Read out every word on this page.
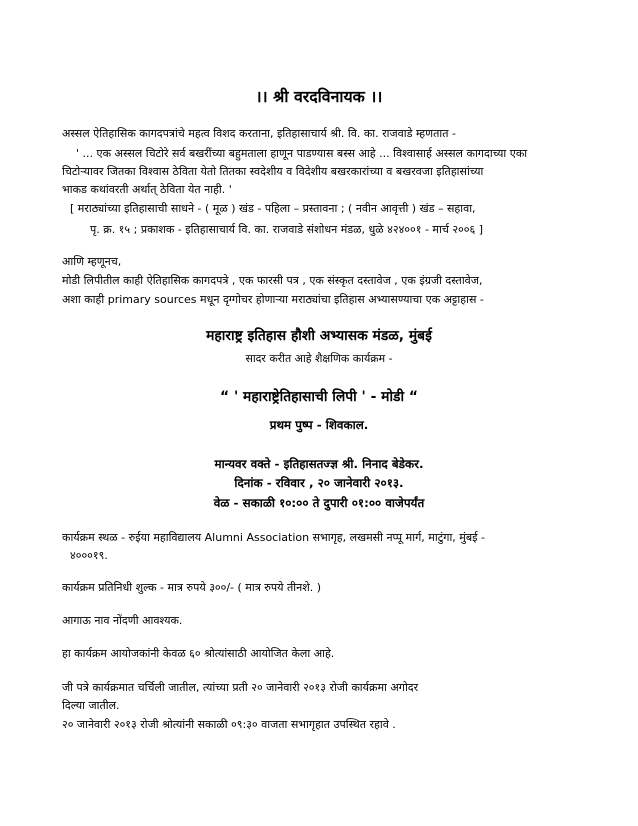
।। श्री वरदविनायक ।।
अस्सल ऐतिहासिक कागदपत्रांचे महत्व विशद करताना, इतिहासाचार्य श्री. वि. का. राजवाडे म्हणतात -
' ... एक अस्सल चिटोरे सर्व बखरींच्या बहुमताला हाणून पाडण्यास बस्स आहे ... विश्वासार्ह अस्सल कागदाच्या एका
चिटोऱ्यावर जितका विश्वास ठेविता येतो तितका स्वदेशीय व विदेशीय बखरकारांच्या व बखरवजा इतिहासांच्या
भाकड कथांवरती अर्थात् ठेविता येत नाही. '
[ मराठ्यांच्या इतिहासाची साधने - ( मूळ ) खंड - पहिला – प्रस्तावना ; ( नवीन आवृत्ती ) खंड – सहावा,
पृ. क्र. १५ ; प्रकाशक - इतिहासाचार्य वि. का. राजवाडे संशोधन मंडळ, धुळे ४२४००१ - मार्च २००६ ]
आणि म्हणूनच,
मोडी लिपीतील काही ऐतिहासिक कागदपत्रे , एक फारसी पत्र , एक संस्कृत दस्तावेज , एक इंग्रजी दस्तावेज,
अशा काही primary sources मधून दृग्गोचर होणाऱ्या मराठ्यांचा इतिहास अभ्यासण्याचा एक अट्टाहास -
महाराष्ट्र इतिहास हौशी अभ्यासक मंडळ, मुंबई
सादर करीत आहे शैक्षणिक कार्यक्रम -
“ ' महाराष्ट्रेतिहासाची लिपी ' - मोडी “
प्रथम पुष्प - शिवकाल.
मान्यवर वक्ते - इतिहासतज्ज्ञ श्री. निनाद बेडेकर.
दिनांक - रविवार , २० जानेवारी २०१३.
वेळ - सकाळी १०:०० ते दुपारी ०१:०० वाजेपर्यंत
कार्यक्रम स्थळ - रुईया महाविद्यालय Alumni Association सभागृह, लखमसी नप्पू मार्ग, माटुंगा, मुंबई -
४०००१९.
कार्यक्रम प्रतिनिधी शुल्क - मात्र रुपये ३००/- ( मात्र रुपये तीनशे. )
आगाऊ नाव नोंदणी आवश्यक.
हा कार्यक्रम आयोजकांनी केवळ ६० श्रोत्यांसाठी आयोजित केला आहे.
जी पत्रे कार्यक्रमात चर्चिली जातील, त्यांच्या प्रती २० जानेवारी २०१३ रोजी कार्यक्रमा अगोदर
दिल्या जातील.
२० जानेवारी २०१३ रोजी श्रोत्यांनी सकाळी ०९:३० वाजता सभागृहात उपस्थित रहावे .
